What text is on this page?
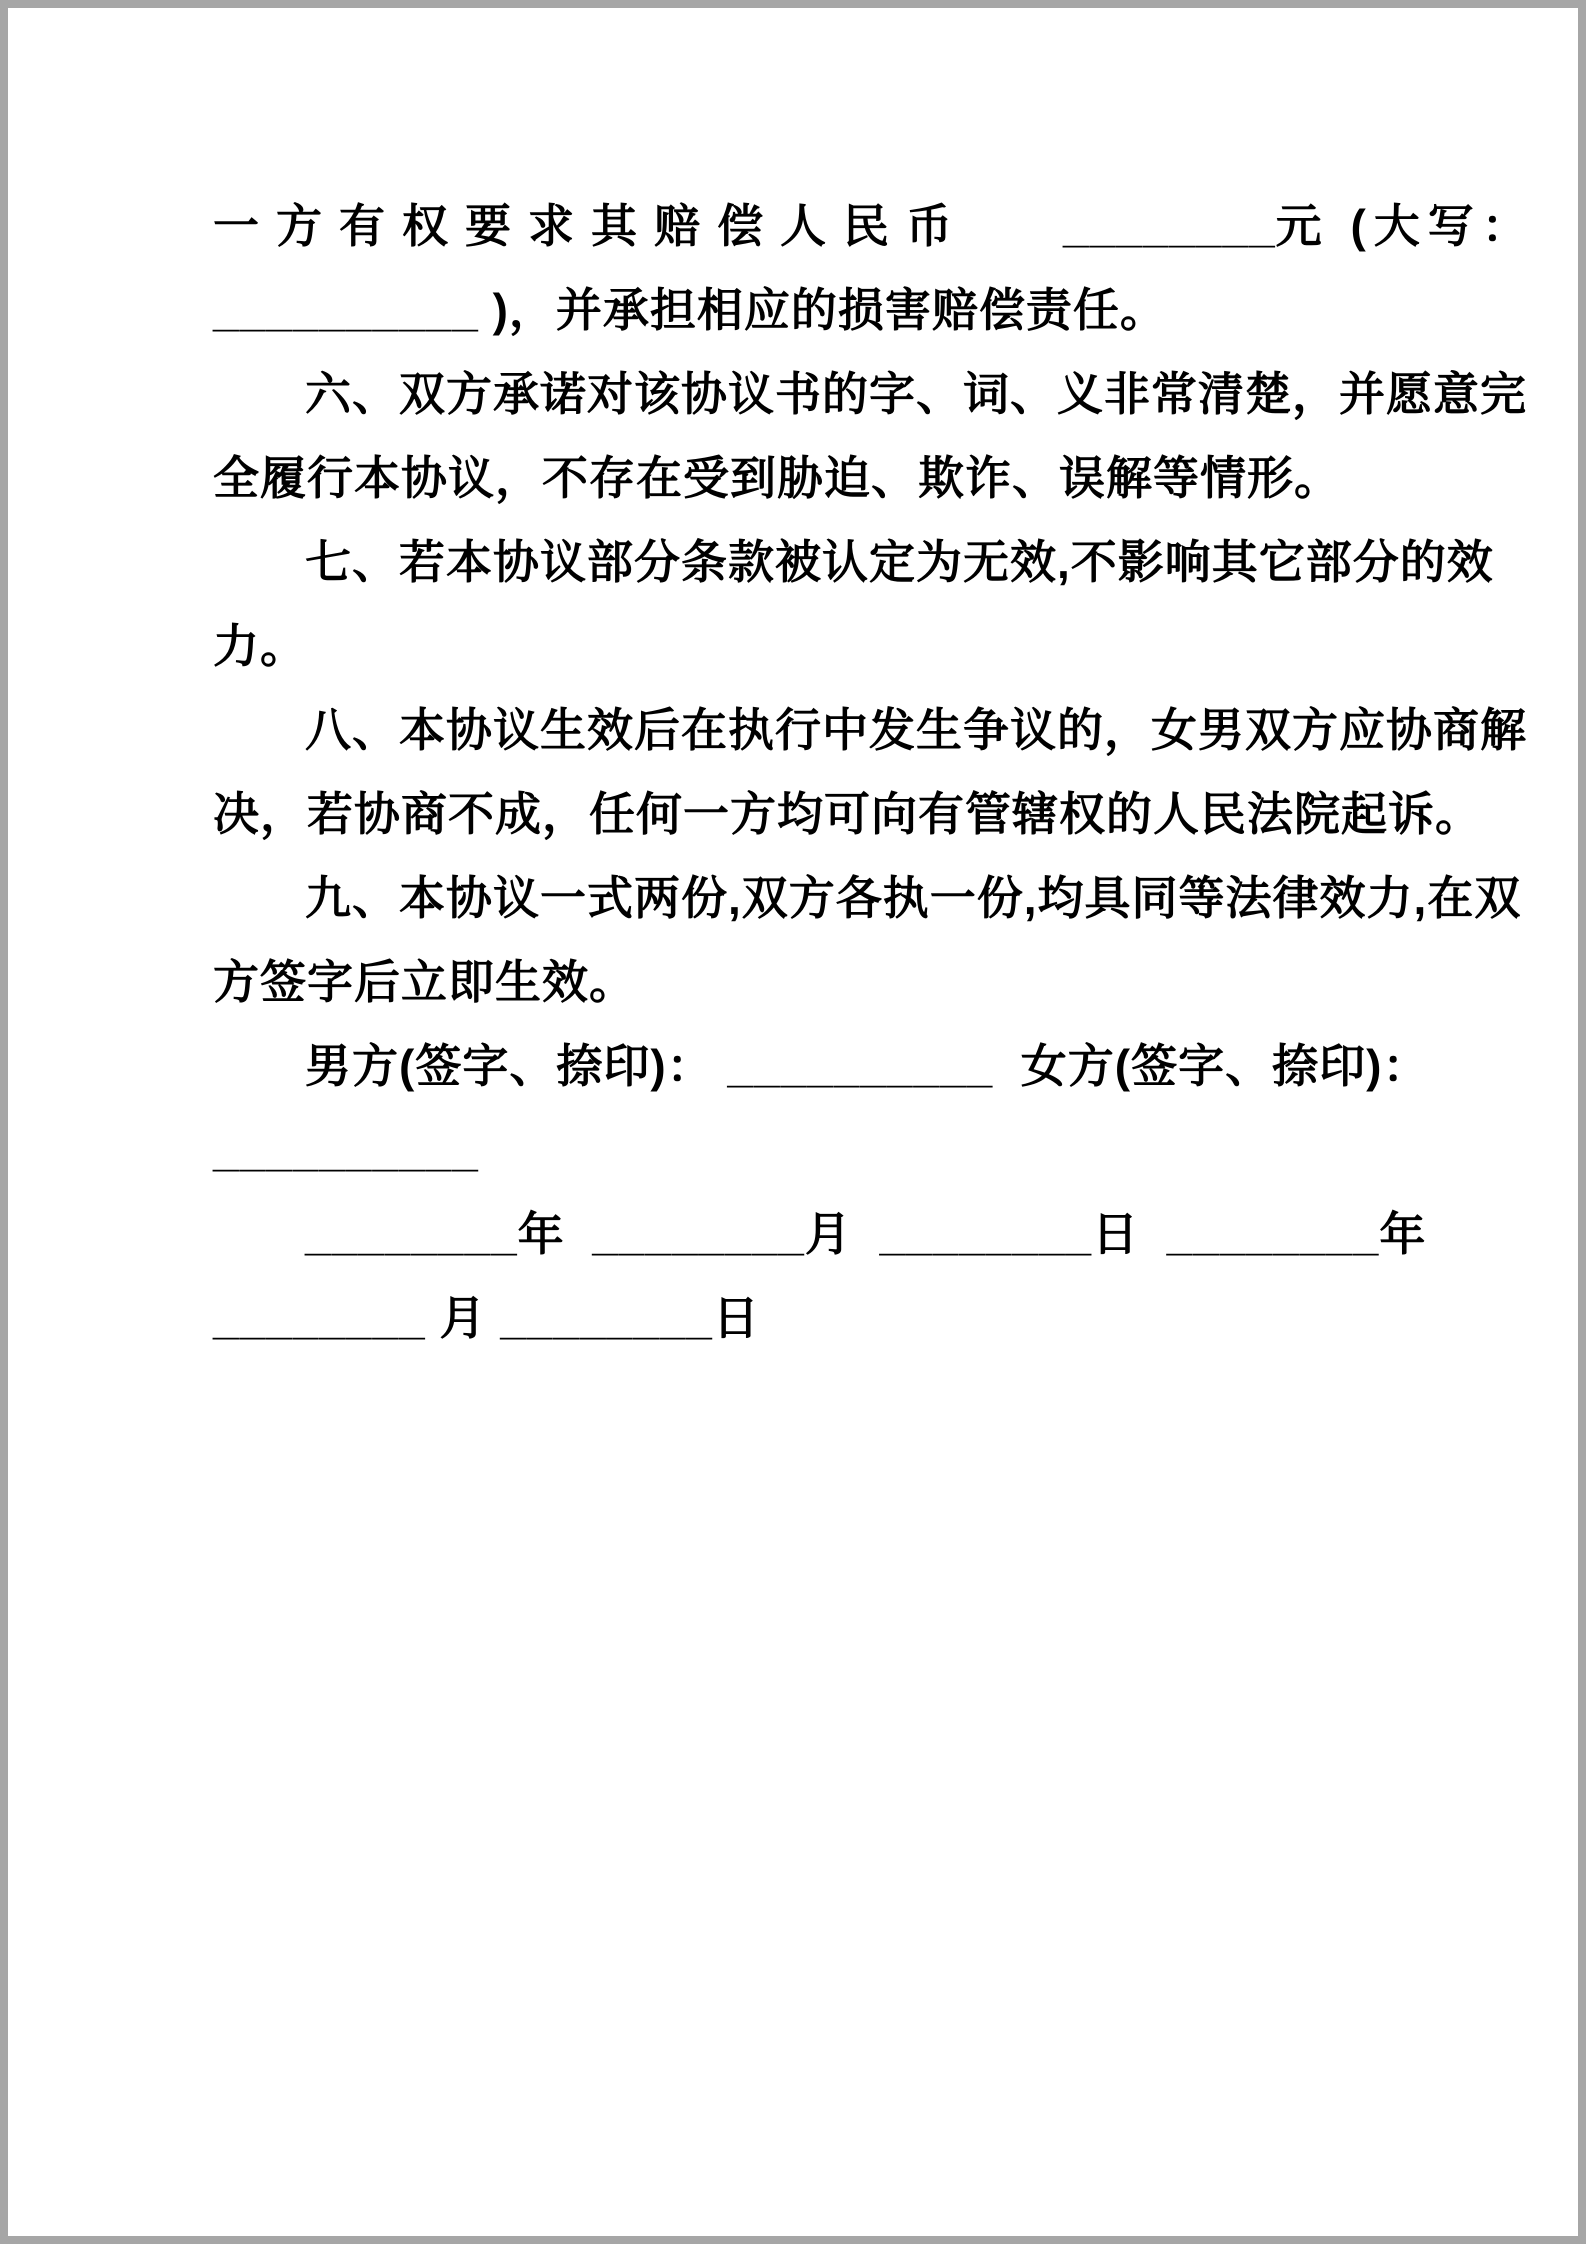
一方有权要求其赔偿人民币　　________元 (大写：
__________ )，并承担相应的损害赔偿责任。
六、双方承诺对该协议书的字、词、义非常清楚，并愿意完
全履行本协议，不存在受到胁迫、欺诈、误解等情形。
七、若本协议部分条款被认定为无效,不影响其它部分的效
力。
八、本协议生效后在执行中发生争议的，女男双方应协商解
决，若协商不成，任何一方均可向有管辖权的人民法院起诉。
九、本协议一式两份,双方各执一份,均具同等法律效力,在双
方签字后立即生效。
男方(签字、捺印)： __________  女方(签字、捺印)：
__________
________年  ________月  ________日  ________年
________ 月 ________日
